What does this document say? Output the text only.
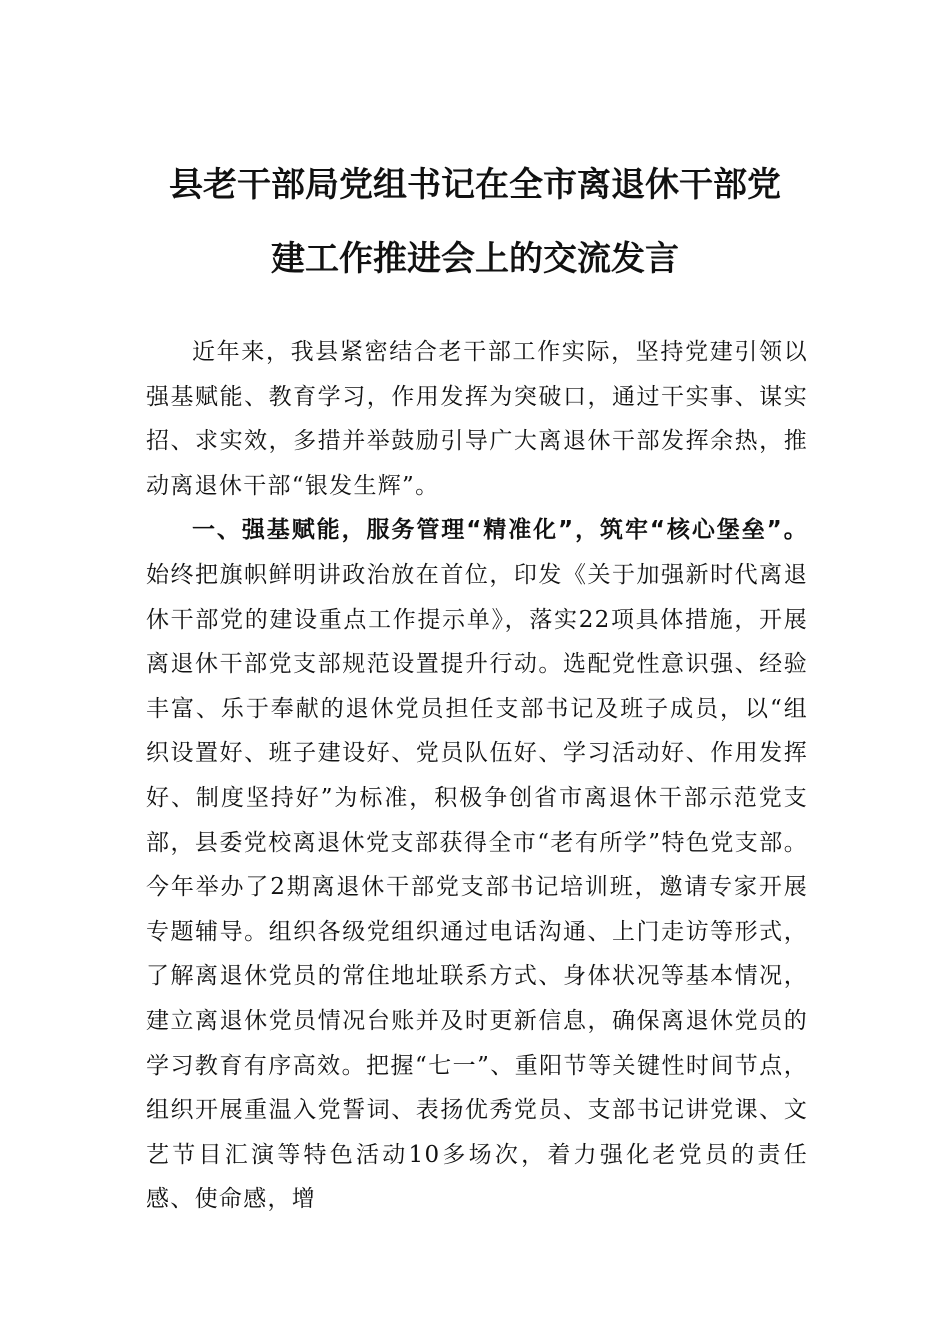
县老干部局党组书记在全市离退休干部党
建工作推进会上的交流发言

近年来，我县紧密结合老干部工作实际，坚持党建引领以强基赋能、教育学习，作用发挥为突破口，通过干实事、谋实招、求实效，多措并举鼓励引导广大离退休干部发挥余热，推动离退休干部“银发生辉”。

一、强基赋能，服务管理“精准化”，筑牢“核心堡垒”。始终把旗帜鲜明讲政治放在首位，印发《关于加强新时代离退休干部党的建设重点工作提示单》，落实22项具体措施，开展离退休干部党支部规范设置提升行动。选配党性意识强、经验丰富、乐于奉献的退休党员担任支部书记及班子成员，以“组织设置好、班子建设好、党员队伍好、学习活动好、作用发挥好、制度坚持好”为标准，积极争创省市离退休干部示范党支部，县委党校离退休党支部获得全市“老有所学”特色党支部。今年举办了2期离退休干部党支部书记培训班，邀请专家开展专题辅导。组织各级党组织通过电话沟通、上门走访等形式，了解离退休党员的常住地址联系方式、身体状况等基本情况，建立离退休党员情况台账并及时更新信息，确保离退休党员的学习教育有序高效。把握“七一”、重阳节等关键性时间节点，组织开展重温入党誓词、表扬优秀党员、支部书记讲党课、文艺节目汇演等特色活动10多场次，着力强化老党员的责任感、使命感，增
